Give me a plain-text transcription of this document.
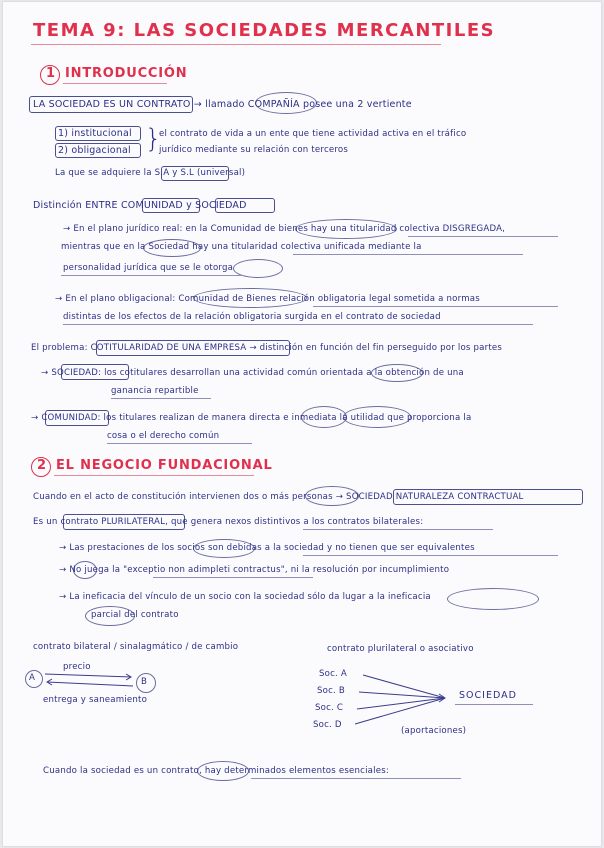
TEMA 9: LAS SOCIEDADES MERCANTILES
1 INTRODUCCIÓN
LA SOCIEDAD ES UN CONTRATO → llamado COMPAÑÍA posee una 2 vertiente
1) institucional
2) obligacional }
el contrato de vida a un ente que tiene actividad activa en el tráfico
jurídico mediante su relación con terceros
La que se adquiere la S.A y S.L (universal)
Distinción ENTRE COMUNIDAD y SOCIEDAD
→ En el plano jurídico real: en la Comunidad de bienes hay una titularidad colectiva DISGREGADA,
mientras que en la Sociedad hay una titularidad colectiva unificada mediante la
personalidad jurídica que se le otorga
→ En el plano obligacional: Comunidad de Bienes relación obligatoria legal sometida a normas
distintas de los efectos de la relación obligatoria surgida en el contrato de sociedad
El problema: COTITULARIDAD DE UNA EMPRESA → distinción en función del fin perseguido por los partes
→ SOCIEDAD: los cotitulares desarrollan una actividad común orientada a la obtención de una
ganancia repartible
→ COMUNIDAD: los titulares realizan de manera directa e inmediata la utilidad que proporciona la
cosa o el derecho común
2 EL NEGOCIO FUNDACIONAL
Cuando en el acto de constitución intervienen dos o más personas → SOCIEDAD NATURALEZA CONTRACTUAL
Es un contrato PLURILATERAL, que genera nexos distintivos a los contratos bilaterales:
→ Las prestaciones de los socios son debidas a la sociedad y no tienen que ser equivalentes
→ No juega la "exceptio non adimpleti contractus", ni la resolución por incumplimiento
→ La ineficacia del vínculo de un socio con la sociedad sólo da lugar a la ineficacia
parcial del contrato
contrato bilateral / sinalagmático / de cambio	contrato plurilateral o asociativo
precio
A	B
entrega y saneamiento
Soc. A
Soc. B
Soc. C
Soc. D
SOCIEDAD
(aportaciones)
Cuando la sociedad es un contrato, hay determinados elementos esenciales:
